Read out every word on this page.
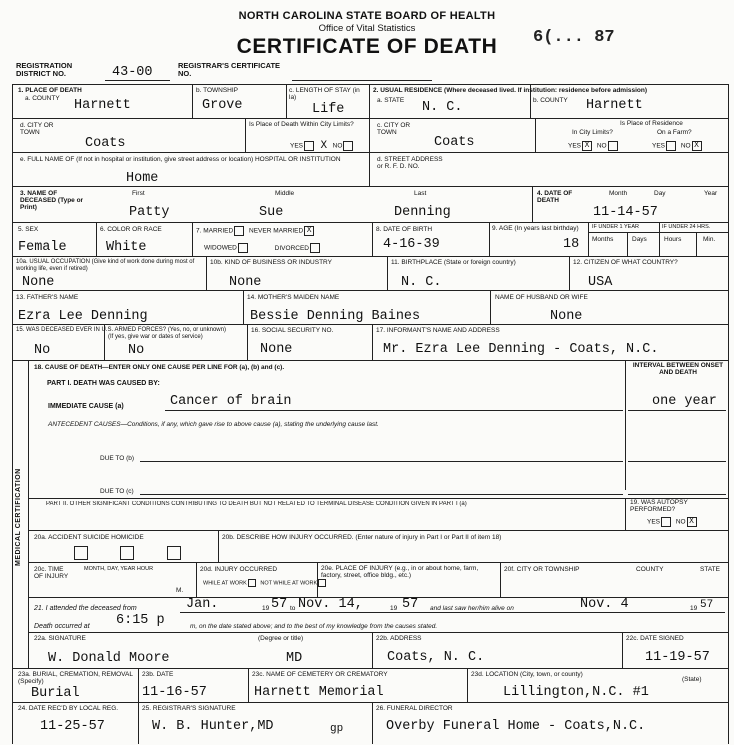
NORTH CAROLINA STATE BOARD OF HEALTH
Office of Vital Statistics
CERTIFICATE OF DEATH	6(... 87
REGISTRATION DISTRICT NO.	43-00	REGISTRAR'S CERTIFICATE NO.
1. PLACE OF DEATH
a. COUNTY Harnett
b. TOWNSHIP
Grove
c. LENGTH OF STAY (in la)
Life
d. CITY OR TOWN
Coats
Is Place of Death Within City Limits?
YES X NO
e. FULL NAME OF (If not in hospital or institution, give street address or location) HOSPITAL OR INSTITUTION
Home
2. USUAL RESIDENCE (Where deceased lived. If institution: residence before admission)
a. STATE N. C.	b. COUNTY Harnett
c. CITY OR TOWN
Coats
Is Place of Residence
In City Limits?	On a Farm?
YES X NO	YES NO X
d. STREET ADDRESS or R. F. D. NO.
3. NAME OF DECEASED (Type or Print)
First	Middle	Last
Patty	Sue	Denning
4. DATE OF DEATH
Month	Day	Year
11-14-57
5. SEX
Female
6. COLOR OR RACE
White
7. MARRIED NEVER MARRIED X
WIDOWED	DIVORCED
8. DATE OF BIRTH
4-16-39
9. AGE (In years last birthday)
18
IF UNDER 1 YEAR	IF UNDER 24 HRS.
Months	Days	Hours	Min.
10a. USUAL OCCUPATION (Give kind of work done during most of working life, even if retired)
None
10b. KIND OF BUSINESS OR INDUSTRY
None
11. BIRTHPLACE (State or foreign country)
N. C.
12. CITIZEN OF WHAT COUNTRY?
USA
13. FATHER'S NAME
Ezra Lee Denning
14. MOTHER'S MAIDEN NAME
Bessie Denning Baines
NAME OF HUSBAND OR WIFE
None
15. WAS DECEASED EVER IN U.S. ARMED FORCES? (Yes, no, or unknown)
(If yes, give war or dates of service)
No	No
16. SOCIAL SECURITY NO.
None
17. INFORMANT'S NAME AND ADDRESS
Mr. Ezra Lee Denning - Coats, N.C.
MEDICAL CERTIFICATION
18. CAUSE OF DEATH—ENTER ONLY ONE CAUSE PER LINE FOR (a), (b) and (c).
PART I. DEATH WAS CAUSED BY:
INTERVAL BETWEEN ONSET AND DEATH
IMMEDIATE CAUSE (a)	Cancer of brain	one year
ANTECEDENT CAUSES—Conditions, if any, which gave rise to above cause (a), stating the underlying cause last.
DUE TO (b)
DUE TO (c)
PART II. OTHER SIGNIFICANT CONDITIONS CONTRIBUTING TO DEATH BUT NOT RELATED TO TERMINAL DISEASE CONDITION GIVEN IN PART I (a)	19. WAS AUTOPSY PERFORMED?
YES NO X
20a. ACCIDENT SUICIDE HOMICIDE	20b. DESCRIBE HOW INJURY OCCURRED. (Enter nature of injury in Part I or Part II of item 18)
20c. TIME OF INJURY
MONTH, DAY, YEAR HOUR
M.
20d. INJURY OCCURRED
WHILE AT WORK NOT WHILE AT WORK
20e. PLACE OF INJURY (e.g., in or about home, farm, factory, street, office bldg., etc.)
20f. CITY OR TOWNSHIP	COUNTY	STATE
21. I attended the deceased from	Jan.	19 57 to Nov. 14,	19 57 and last saw her/him alive on	Nov. 4	19 57
Death occurred at 6:15 p	m, on the date stated above; and to the best of my knowledge from the causes stated.
22a. SIGNATURE	(Degree or title)
W. Donald Moore	MD
22b. ADDRESS
Coats, N. C.
22c. DATE SIGNED
11-19-57
23a. BURIAL, CREMATION, REMOVAL (Specify)
Burial
23b. DATE
11-16-57
23c. NAME OF CEMETERY OR CREMATORY
Harnett Memorial
23d. LOCATION (City, town, or county)
(State)
Lillington,N.C. #1
24. DATE REC'D BY LOCAL REG.
11-25-57
25. REGISTRAR'S SIGNATURE
W. B. Hunter,MD	gp
26. FUNERAL DIRECTOR
Overby Funeral Home - Coats,N.C.
